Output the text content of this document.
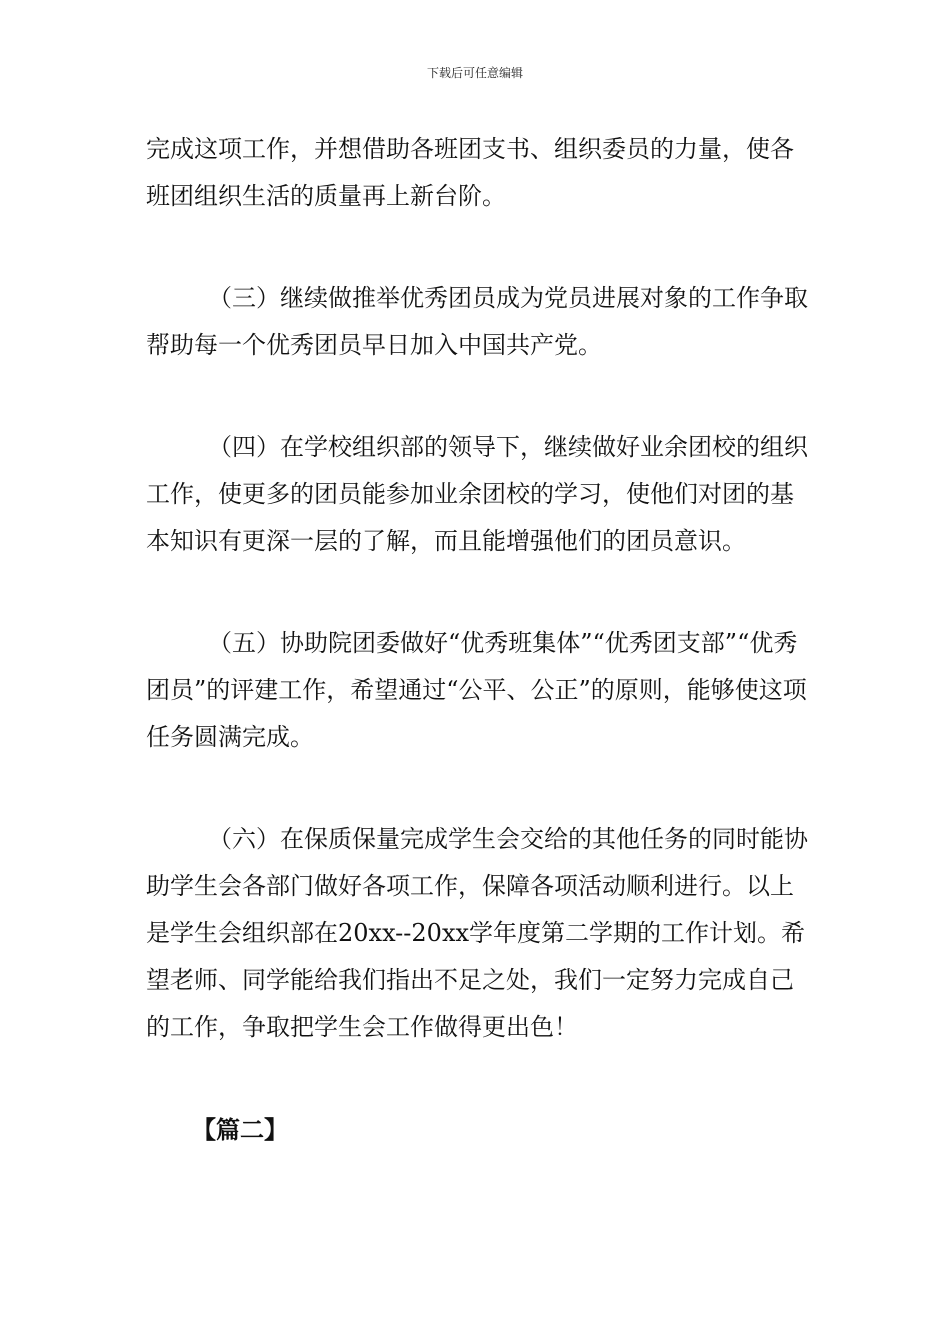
下载后可任意编辑

完成这项工作，并想借助各班团支书、组织委员的力量，使各班团组织生活的质量再上新台阶。

（三）继续做推举优秀团员成为党员进展对象的工作争取帮助每一个优秀团员早日加入中国共产党。

（四）在学校组织部的领导下，继续做好业余团校的组织工作，使更多的团员能参加业余团校的学习，使他们对团的基本知识有更深一层的了解，而且能增强他们的团员意识。

（五）协助院团委做好“优秀班集体”“优秀团支部”“优秀团员”的评建工作，希望通过“公平、公正”的原则，能够使这项任务圆满完成。

（六）在保质保量完成学生会交给的其他任务的同时能协助学生会各部门做好各项工作，保障各项活动顺利进行。以上是学生会组织部在20xx--20xx学年度第二学期的工作计划。希望老师、同学能给我们指出不足之处，我们一定努力完成自己的工作，争取把学生会工作做得更出色！

【篇二】
